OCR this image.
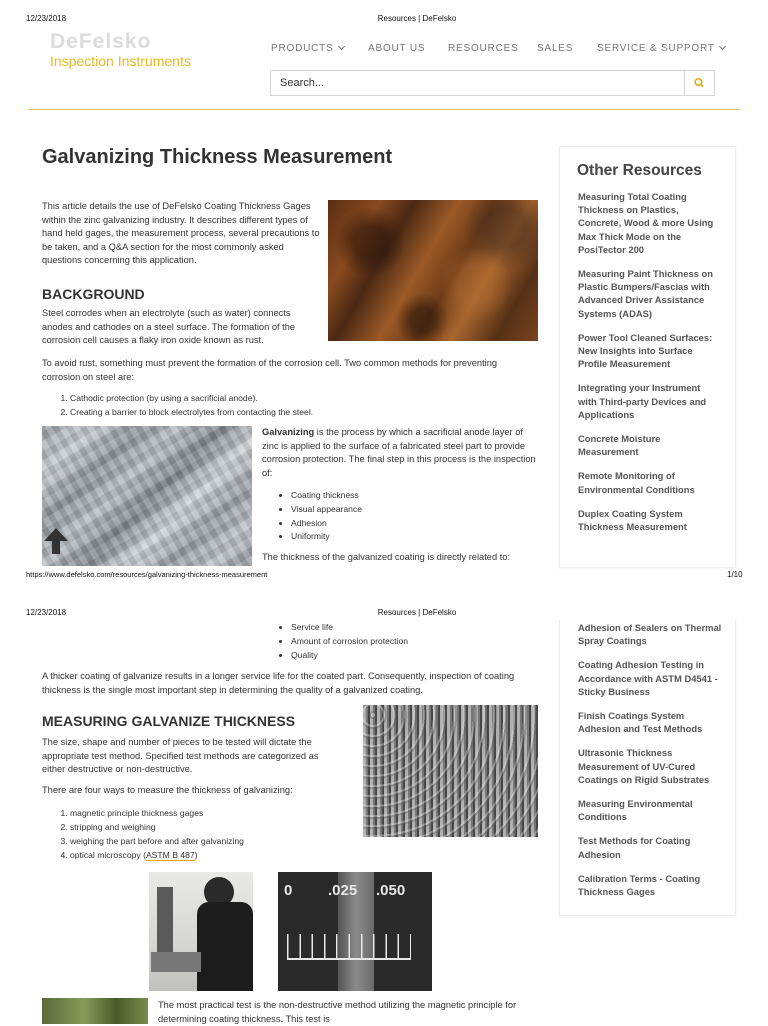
12/23/2018	Resources | DeFelsko
DeFelsko
Inspection Instruments
PRODUCTS	ABOUT US RESOURCES SALES SERVICE & SUPPORT
Search...
Galvanizing Thickness Measurement
This article details the use of DeFelsko Coating Thickness Gages within the zinc galvanizing industry. It describes different types of hand held gages, the measurement process, several precautions to be taken, and a Q&A section for the most commonly asked questions concerning this application.
BACKGROUND
Steel corrodes when an electrolyte (such as water) connects anodes and cathodes on a steel surface. The formation of the corrosion cell causes a flaky iron oxide known as rust.
To avoid rust, something must prevent the formation of the corrosion cell. Two common methods for preventing corrosion on steel are:
1. Cathodic protection (by using a sacrificial anode).
2. Creating a barrier to block electrolytes from contacting the steel.
Galvanizing is the process by which a sacrificial anode layer of zinc is applied to the surface of a fabricated steel part to provide corrosion protection. The final step in this process is the inspection of:
• Coating thickness
• Visual appearance
• Adhesion
• Uniformity
The thickness of the galvanized coating is directly related to:
Other Resources
Measuring Total Coating Thickness on Plastics, Concrete, Wood & more Using Max Thick Mode on the PosiTector 200
Measuring Paint Thickness on Plastic Bumpers/Fascias with Advanced Driver Assistance Systems (ADAS)
Power Tool Cleaned Surfaces: New Insights into Surface Profile Measurement
Integrating your Instrument with Third-party Devices and Applications
Concrete Moisture Measurement
Remote Monitoring of Environmental Conditions
Duplex Coating System Thickness Measurement
https://www.defelsko.com/resources/galvanizing-thickness-measurement	1/10
12/23/2018	Resources | DeFelsko
• Service life
• Amount of corrosion protection
• Quality
A thicker coating of galvanize results in a longer service life for the coated part. Consequently, inspection of coating thickness is the single most important step in determining the quality of a galvanized coating.
MEASURING GALVANIZE THICKNESS
The size, shape and number of pieces to be tested will dictate the appropriate test method. Specified test methods are categorized as either destructive or non-destructive.
There are four ways to measure the thickness of galvanizing:
1. magnetic principle thickness gages
2. stripping and weighing
3. weighing the part before and after galvanizing
4. optical microscopy (ASTM B 487)
0 .025 .050
The most practical test is the non-destructive method utilizing the magnetic principle for determining coating thickness. This test is
Adhesion of Sealers on Thermal Spray Coatings
Coating Adhesion Testing in Accordance with ASTM D4541 - Sticky Business
Finish Coatings System Adhesion and Test Methods
Ultrasonic Thickness Measurement of UV-Cured Coatings on Rigid Substrates
Measuring Environmental Conditions
Test Methods for Coating Adhesion
Calibration Terms - Coating Thickness Gages
